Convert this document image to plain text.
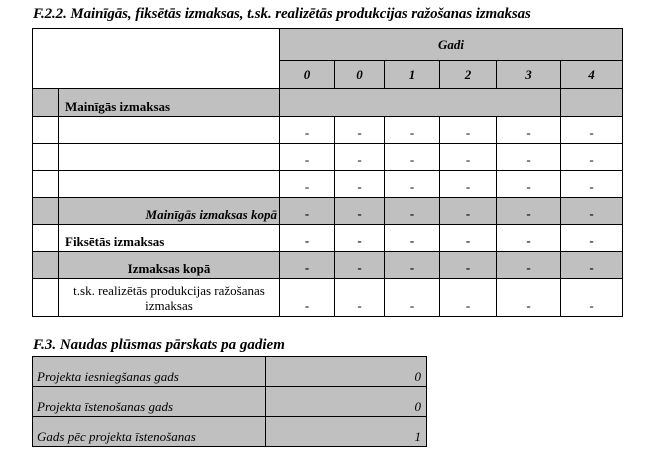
F.2.2. Mainīgās, fiksētās izmaksas, t.sk. realizētās produkcijas ražošanas izmaksas
		Gadi					
		0	0	1	2	3	4
	Mainīgās izmaksas						
		-	-	-	-	-	-
		-	-	-	-	-	-
		-	-	-	-	-	-
	Mainīgās izmaksas kopā	-	-	-	-	-	-
	Fiksētās izmaksas	-	-	-	-	-	-
	Izmaksas kopā	-	-	-	-	-	-
	t.sk. realizētās produkcijas ražošanas izmaksas	-	-	-	-	-	-
F.3. Naudas plūsmas pārskats pa gadiem
Projekta iesniegšanas gads	0
Projekta īstenošanas gads	0
Gads pēc projekta īstenošanas	1
